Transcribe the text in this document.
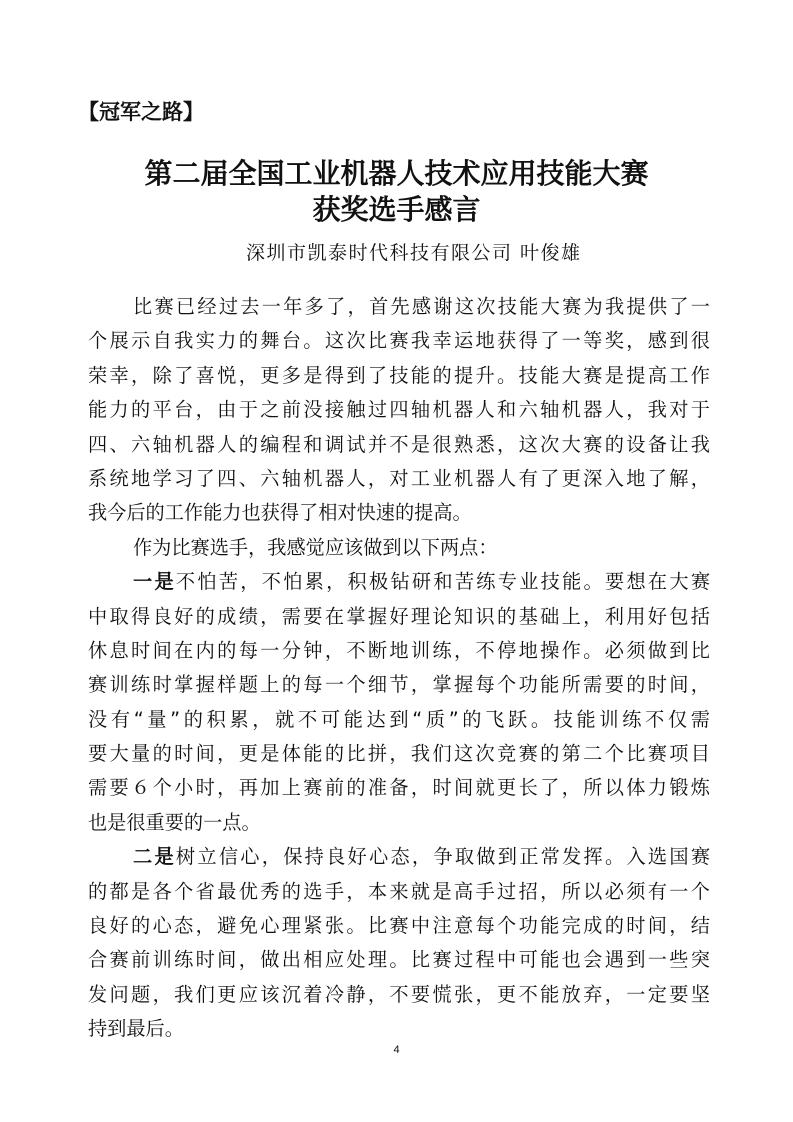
【冠军之路】
第二届全国工业机器人技术应用技能大赛
获奖选手感言
深圳市凯泰时代科技有限公司 叶俊雄
比赛已经过去一年多了，首先感谢这次技能大赛为我提供了一
个展示自我实力的舞台。这次比赛我幸运地获得了一等奖，感到很
荣幸，除了喜悦，更多是得到了技能的提升。技能大赛是提高工作
能力的平台，由于之前没接触过四轴机器人和六轴机器人，我对于
四、六轴机器人的编程和调试并不是很熟悉，这次大赛的设备让我
系统地学习了四、六轴机器人，对工业机器人有了更深入地了解，
我今后的工作能力也获得了相对快速的提高。
作为比赛选手，我感觉应该做到以下两点：
一是不怕苦，不怕累，积极钻研和苦练专业技能。要想在大赛
中取得良好的成绩，需要在掌握好理论知识的基础上，利用好包括
休息时间在内的每一分钟，不断地训练，不停地操作。必须做到比
赛训练时掌握样题上的每一个细节，掌握每个功能所需要的时间，
没有“量”的积累，就不可能达到“质”的飞跃。技能训练不仅需
要大量的时间，更是体能的比拼，我们这次竞赛的第二个比赛项目
需要６个小时，再加上赛前的准备，时间就更长了，所以体力锻炼
也是很重要的一点。
二是树立信心，保持良好心态，争取做到正常发挥。入选国赛
的都是各个省最优秀的选手，本来就是高手过招，所以必须有一个
良好的心态，避免心理紧张。比赛中注意每个功能完成的时间，结
合赛前训练时间，做出相应处理。比赛过程中可能也会遇到一些突
发问题，我们更应该沉着冷静，不要慌张，更不能放弃，一定要坚
持到最后。
4
